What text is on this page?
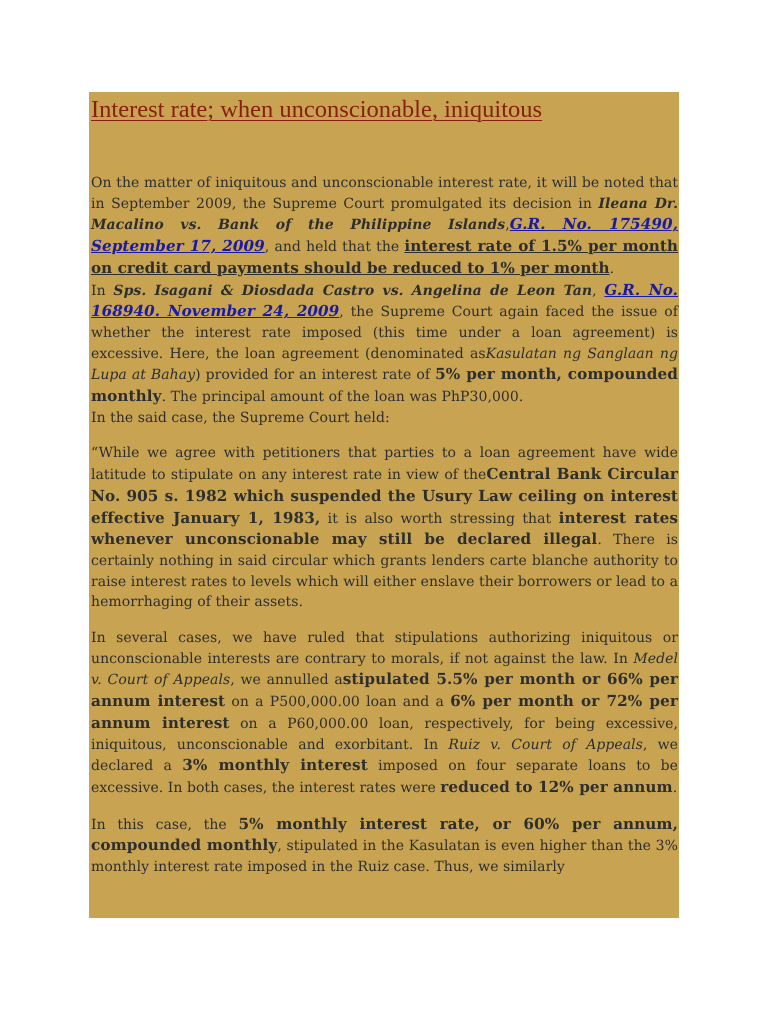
Interest rate; when unconscionable, iniquitous

On the matter of iniquitous and unconscionable interest rate, it will be noted that in September 2009, the Supreme Court promulgated its decision in Ileana Dr. Macalino vs. Bank of the Philippine Islands,G.R. No. 175490, September 17, 2009, and held that the interest rate of 1.5% per month on credit card payments should be reduced to 1% per month.

In Sps. Isagani & Diosdada Castro vs. Angelina de Leon Tan, G.R. No. 168940. November 24, 2009, the Supreme Court again faced the issue of whether the interest rate imposed (this time under a loan agreement) is excessive. Here, the loan agreement (denominated asKasulatan ng Sanglaan ng Lupa at Bahay) provided for an interest rate of 5% per month, compounded monthly. The principal amount of the loan was PhP30,000.

In the said case, the Supreme Court held:

“While we agree with petitioners that parties to a loan agreement have wide latitude to stipulate on any interest rate in view of theCentral Bank Circular No. 905 s. 1982 which suspended the Usury Law ceiling on interest effective January 1, 1983, it is also worth stressing that interest rates whenever unconscionable may still be declared illegal. There is certainly nothing in said circular which grants lenders carte blanche authority to raise interest rates to levels which will either enslave their borrowers or lead to a hemorrhaging of their assets.

In several cases, we have ruled that stipulations authorizing iniquitous or unconscionable interests are contrary to morals, if not against the law. In Medel v. Court of Appeals, we annulled astipulated 5.5% per month or 66% per annum interest on a P500,000.00 loan and a 6% per month or 72% per annum interest on a P60,000.00 loan, respectively, for being excessive, iniquitous, unconscionable and exorbitant. In Ruiz v. Court of Appeals, we declared a 3% monthly interest imposed on four separate loans to be excessive. In both cases, the interest rates were reduced to 12% per annum.

In this case, the 5% monthly interest rate, or 60% per annum, compounded monthly, stipulated in the Kasulatan is even higher than the 3% monthly interest rate imposed in the Ruiz case. Thus, we similarly
